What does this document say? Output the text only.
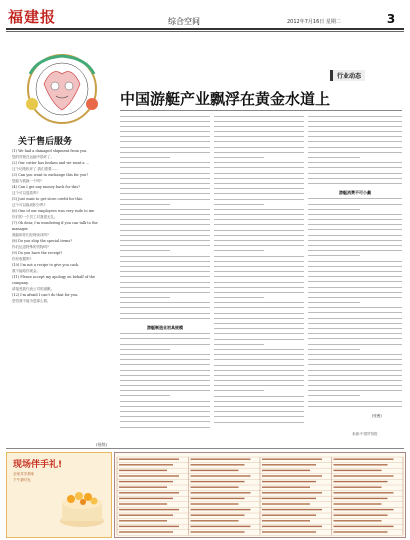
福建报	综合空间	2012年7月16日 星期二	3
关于售后服务
(1) We had a damaged shipment from you.
您的货物在运输中损坏了。
(2) Our cutter has broken and we want a ...
这个切纸机坏了,我们需要……
(3) Can you want to exchange this for you?
您能为我换一个吗?
(4) Can I get any money back for this?
这个可以退款吗?
(5) Just want to get store credit for this.
这个可以换成积分吗?
(6) One of our employees was very rude to me.
你们的一个员工对我很无礼。
(7) Oh dear, I'm wondering if you can talk to the manager.
我能和你们经理谈谈吗?
(8) Do you ship the special items?
你们运送特殊的货物吗?
(9) Do you have the receipt?
你有收据吗?
(10) I'm not a recipe to give you cash.
我不能给你现金。
(11) Please accept my apology on behalf of the company.
请接受我代表公司的道歉。
(12) I'm afraid I can't do that for you.
恐怕我不能为您那么做。
(待续)
行业动态
中国游艇产业飘浮在黄金水道上
游艇制造业初具规模
游艇消费不可小觑
(张俊)
来源:中国贸易报
现场伴手礼!
全家共享美味
下午茶时光
